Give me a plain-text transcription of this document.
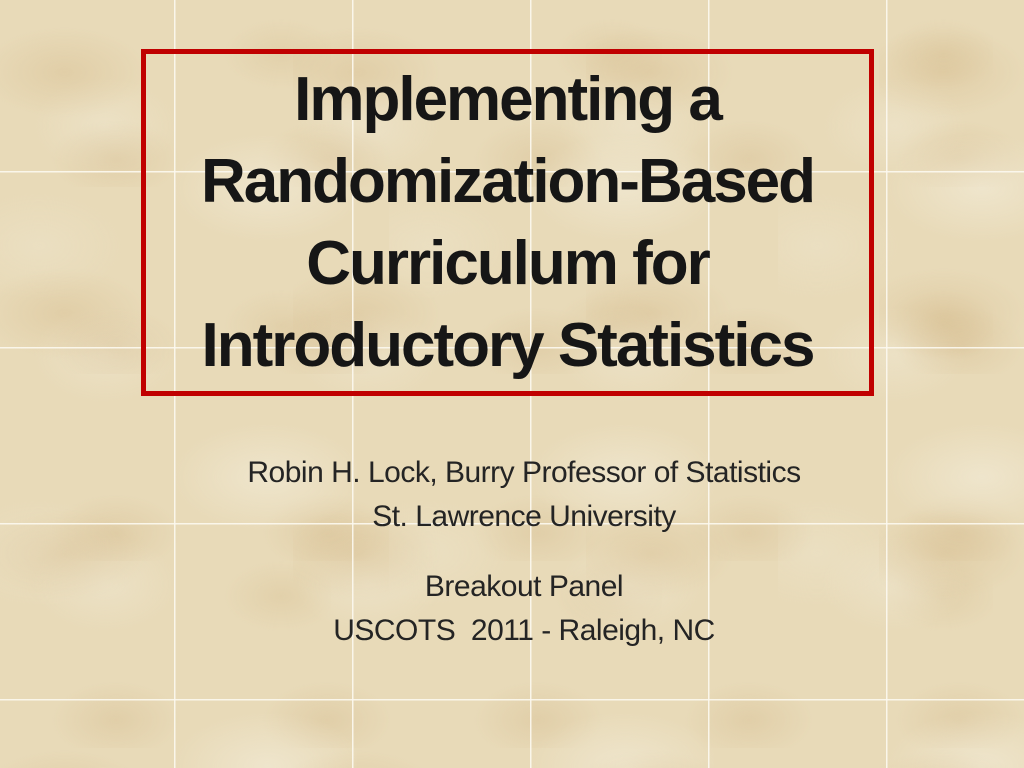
Implementing a
Randomization-Based
Curriculum for
Introductory Statistics
Robin H. Lock, Burry Professor of Statistics
St. Lawrence University
Breakout Panel
USCOTS  2011 - Raleigh, NC
